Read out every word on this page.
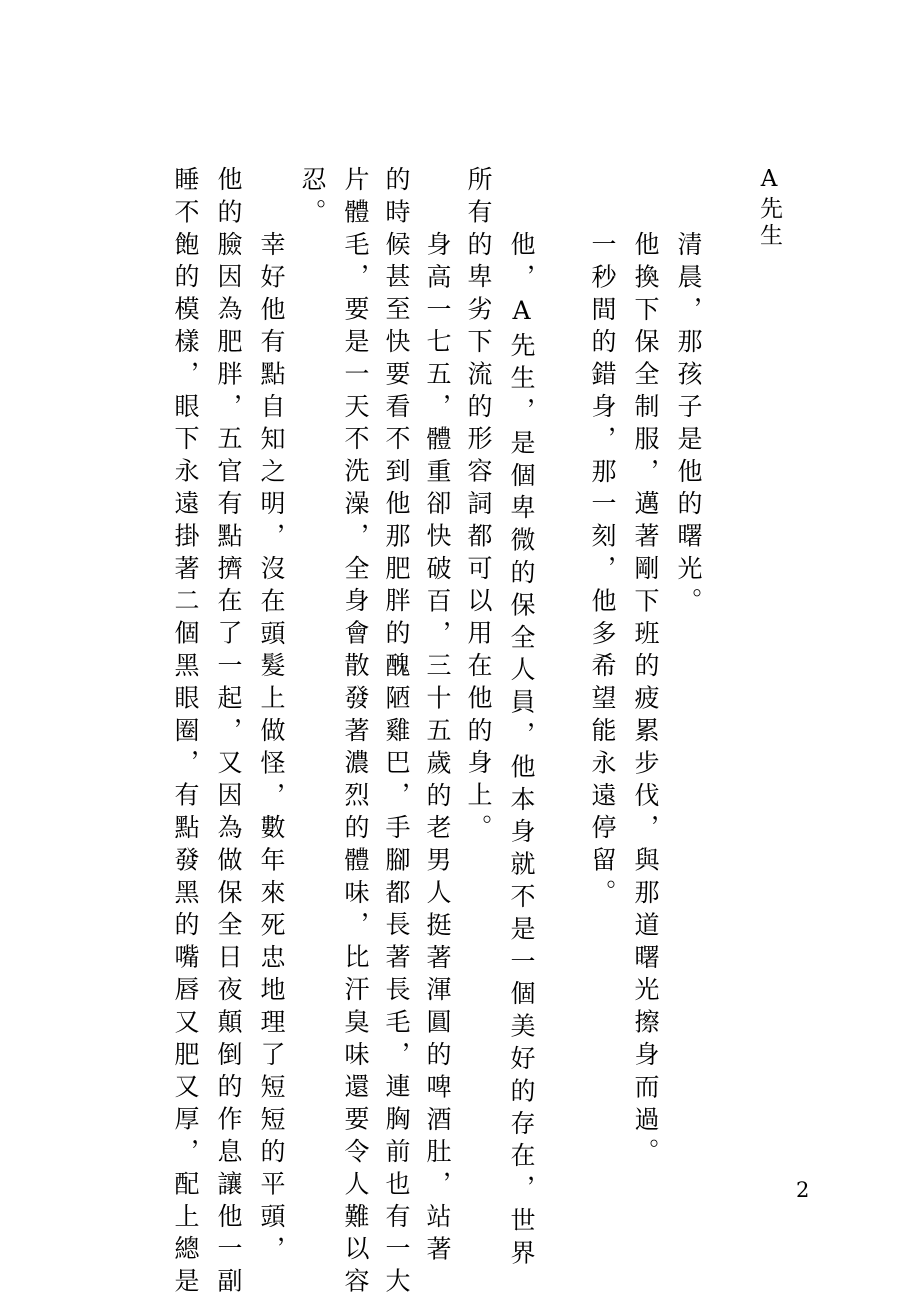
A先生
清晨，那孩子是他的曙光。
他換下保全制服，邁著剛下班的疲累步伐，與那道曙光擦身而過。
一秒間的錯身，那一刻，他多希望能永遠停留。
他，A先生，是個卑微的保全人員，他本身就不是一個美好的存在，世界
所有的卑劣下流的形容詞都可以用在他的身上。
身高一七五，體重卻快破百，三十五歲的老男人挺著渾圓的啤酒肚，站著
的時候甚至快要看不到他那肥胖的醜陋雞巴，手腳都長著長毛，連胸前也有一大
片體毛，要是一天不洗澡，全身會散發著濃烈的體味，比汗臭味還要令人難以容
忍。
幸好他有點自知之明，沒在頭髮上做怪，數年來死忠地理了短短的平頭，
他的臉因為肥胖，五官有點擠在了一起，又因為做保全日夜顛倒的作息讓他一副
睡不飽的模樣，眼下永遠掛著二個黑眼圈，有點發黑的嘴唇又肥又厚，配上總是	2
